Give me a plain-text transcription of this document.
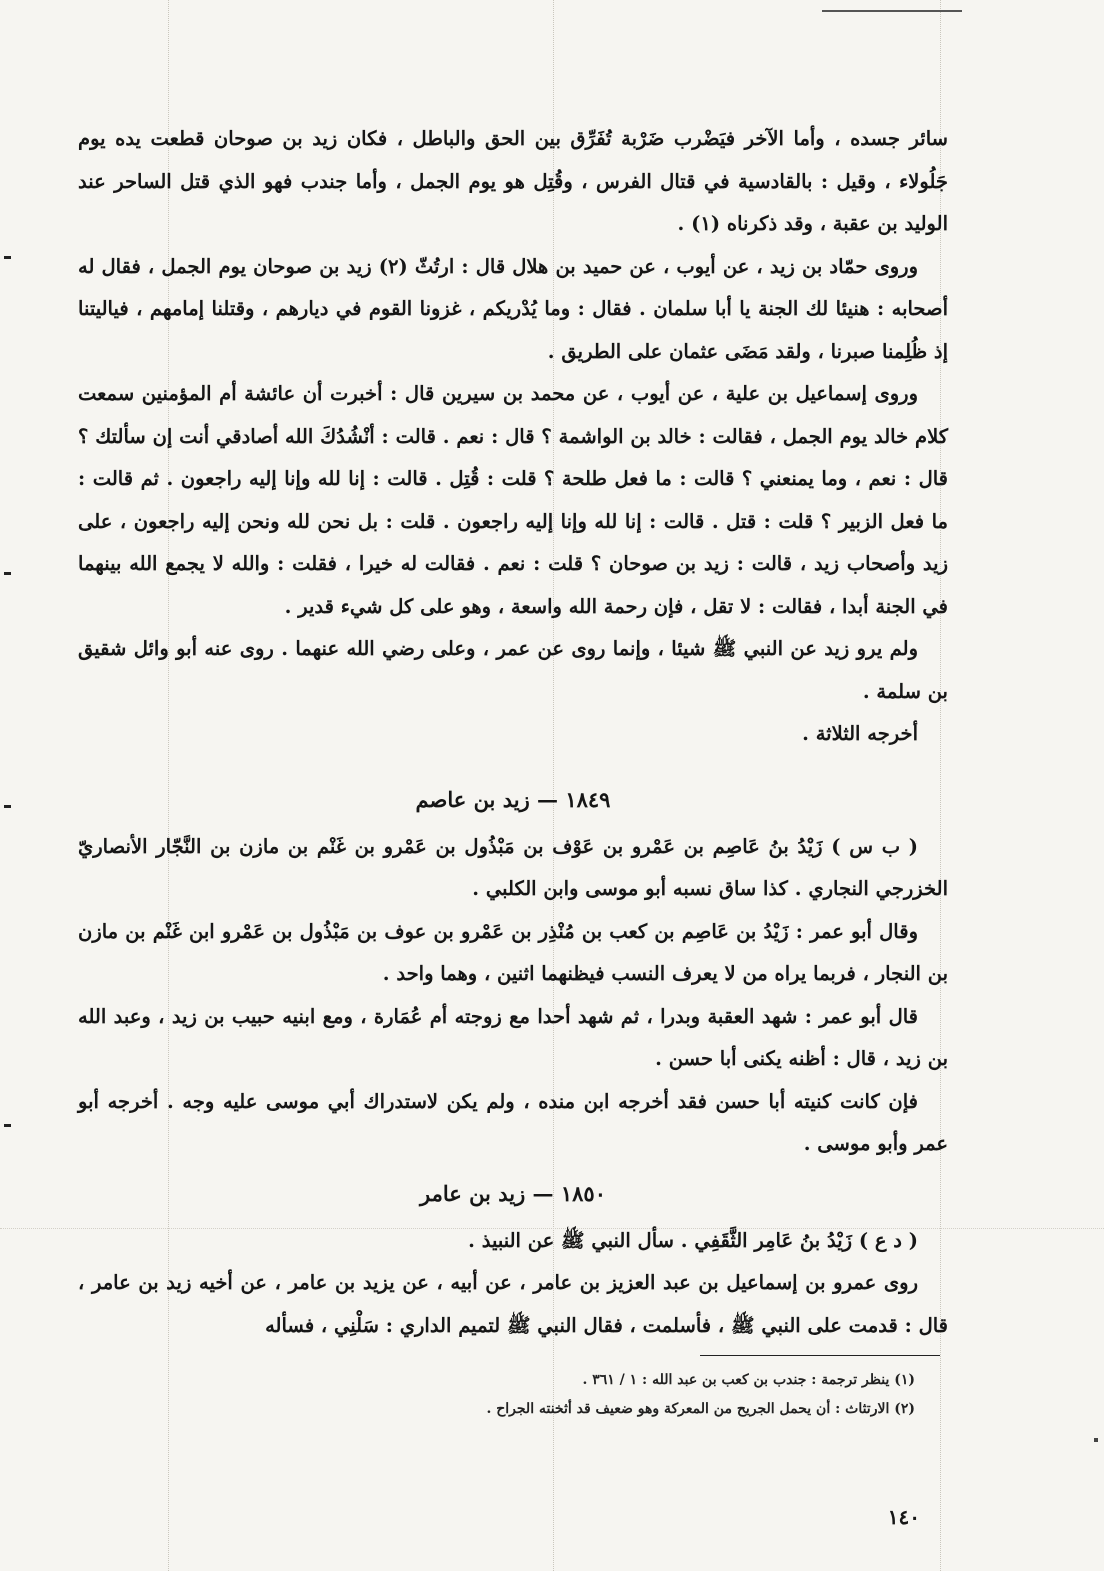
سائر جسده ، وأما الآخر فيَضْرب ضَرْبة تُفَرِّق بين الحق والباطل ، فكان زيد بن صوحان قطعت يده يوم جَلُولاء ، وقيل : بالقادسية في قتال الفرس ، وقُتِل هو يوم الجمل ، وأما جندب فهو الذي قتل الساحر عند الوليد بن عقبة ، وقد ذكرناه (١) .

وروى حمّاد بن زيد ، عن أيوب ، عن حميد بن هلال قال : ارتُثّ (٢) زيد بن صوحان يوم الجمل ، فقال له أصحابه : هنيئا لك الجنة يا أبا سلمان . فقال : وما يُدْريكم ، غزونا القوم في ديارهم ، وقتلنا إمامهم ، فياليتنا إذ ظُلِمنا صبرنا ، ولقد مَضَى عثمان على الطريق .

وروى إسماعيل بن علية ، عن أيوب ، عن محمد بن سيرين قال : أخبرت أن عائشة أم المؤمنين سمعت كلام خالد يوم الجمل ، فقالت : خالد بن الواشمة ؟ قال : نعم . قالت : أنْشُدُكَ الله أصادقي أنت إن سألتك ؟ قال : نعم ، وما يمنعني ؟ قالت : ما فعل طلحة ؟ قلت : قُتِل . قالت : إنا لله وإنا إليه راجعون . ثم قالت : ما فعل الزبير ؟ قلت : قتل . قالت : إنا لله وإنا إليه راجعون . قلت : بل نحن لله ونحن إليه راجعون ، على زيد وأصحاب زيد ، قالت : زيد بن صوحان ؟ قلت : نعم . فقالت له خيرا ، فقلت : والله لا يجمع الله بينهما في الجنة أبدا ، فقالت : لا تقل ، فإن رحمة الله واسعة ، وهو على كل شيء قدير .

ولم يرو زيد عن النبي ﷺ شيئا ، وإنما روى عن عمر ، وعلى رضي الله عنهما . روى عنه أبو وائل شقيق بن سلمة .

أخرجه الثلاثة .

١٨٤٩ — زيد بن عاصم

( ب س ) زَيْدُ بنُ عَاصِم بن عَمْرو بن عَوْف بن مَبْذُول بن عَمْرو بن غَنْم بن مازن بن النَّجّار الأنصاريّ الخزرجي النجاري . كذا ساق نسبه أبو موسى وابن الكلبي .

وقال أبو عمر : زَيْدُ بن عَاصِم بن كعب بن مُنْذِر بن عَمْرو بن عوف بن مَبْذُول بن عَمْرو ابن غَنْم بن مازن بن النجار ، فربما يراه من لا يعرف النسب فيظنهما اثنين ، وهما واحد .

قال أبو عمر : شهد العقبة وبدرا ، ثم شهد أحدا مع زوجته أم عُمَارة ، ومع ابنيه حبيب بن زيد ، وعبد الله بن زيد ، قال : أظنه يكنى أبا حسن .

فإن كانت كنيته أبا حسن فقد أخرجه ابن منده ، ولم يكن لاستدراك أبي موسى عليه وجه . أخرجه أبو عمر وأبو موسى .

١٨٥٠ — زيد بن عامر

( د ع ) زَيْدُ بنُ عَامِر الثَّقَفِي . سأل النبي ﷺ عن النبيذ .

روى عمرو بن إسماعيل بن عبد العزيز بن عامر ، عن أبيه ، عن يزيد بن عامر ، عن أخيه زيد بن عامر ، قال : قدمت على النبي ﷺ ، فأسلمت ، فقال النبي ﷺ لتميم الداري : سَلْنِي ، فسأله

(١) ينظر ترجمة : جندب بن كعب بن عبد الله : ١ / ٣٦١ .

(٢) الارتثاث : أن يحمل الجريح من المعركة وهو ضعيف قد أثخنته الجراح .

١٤٠
